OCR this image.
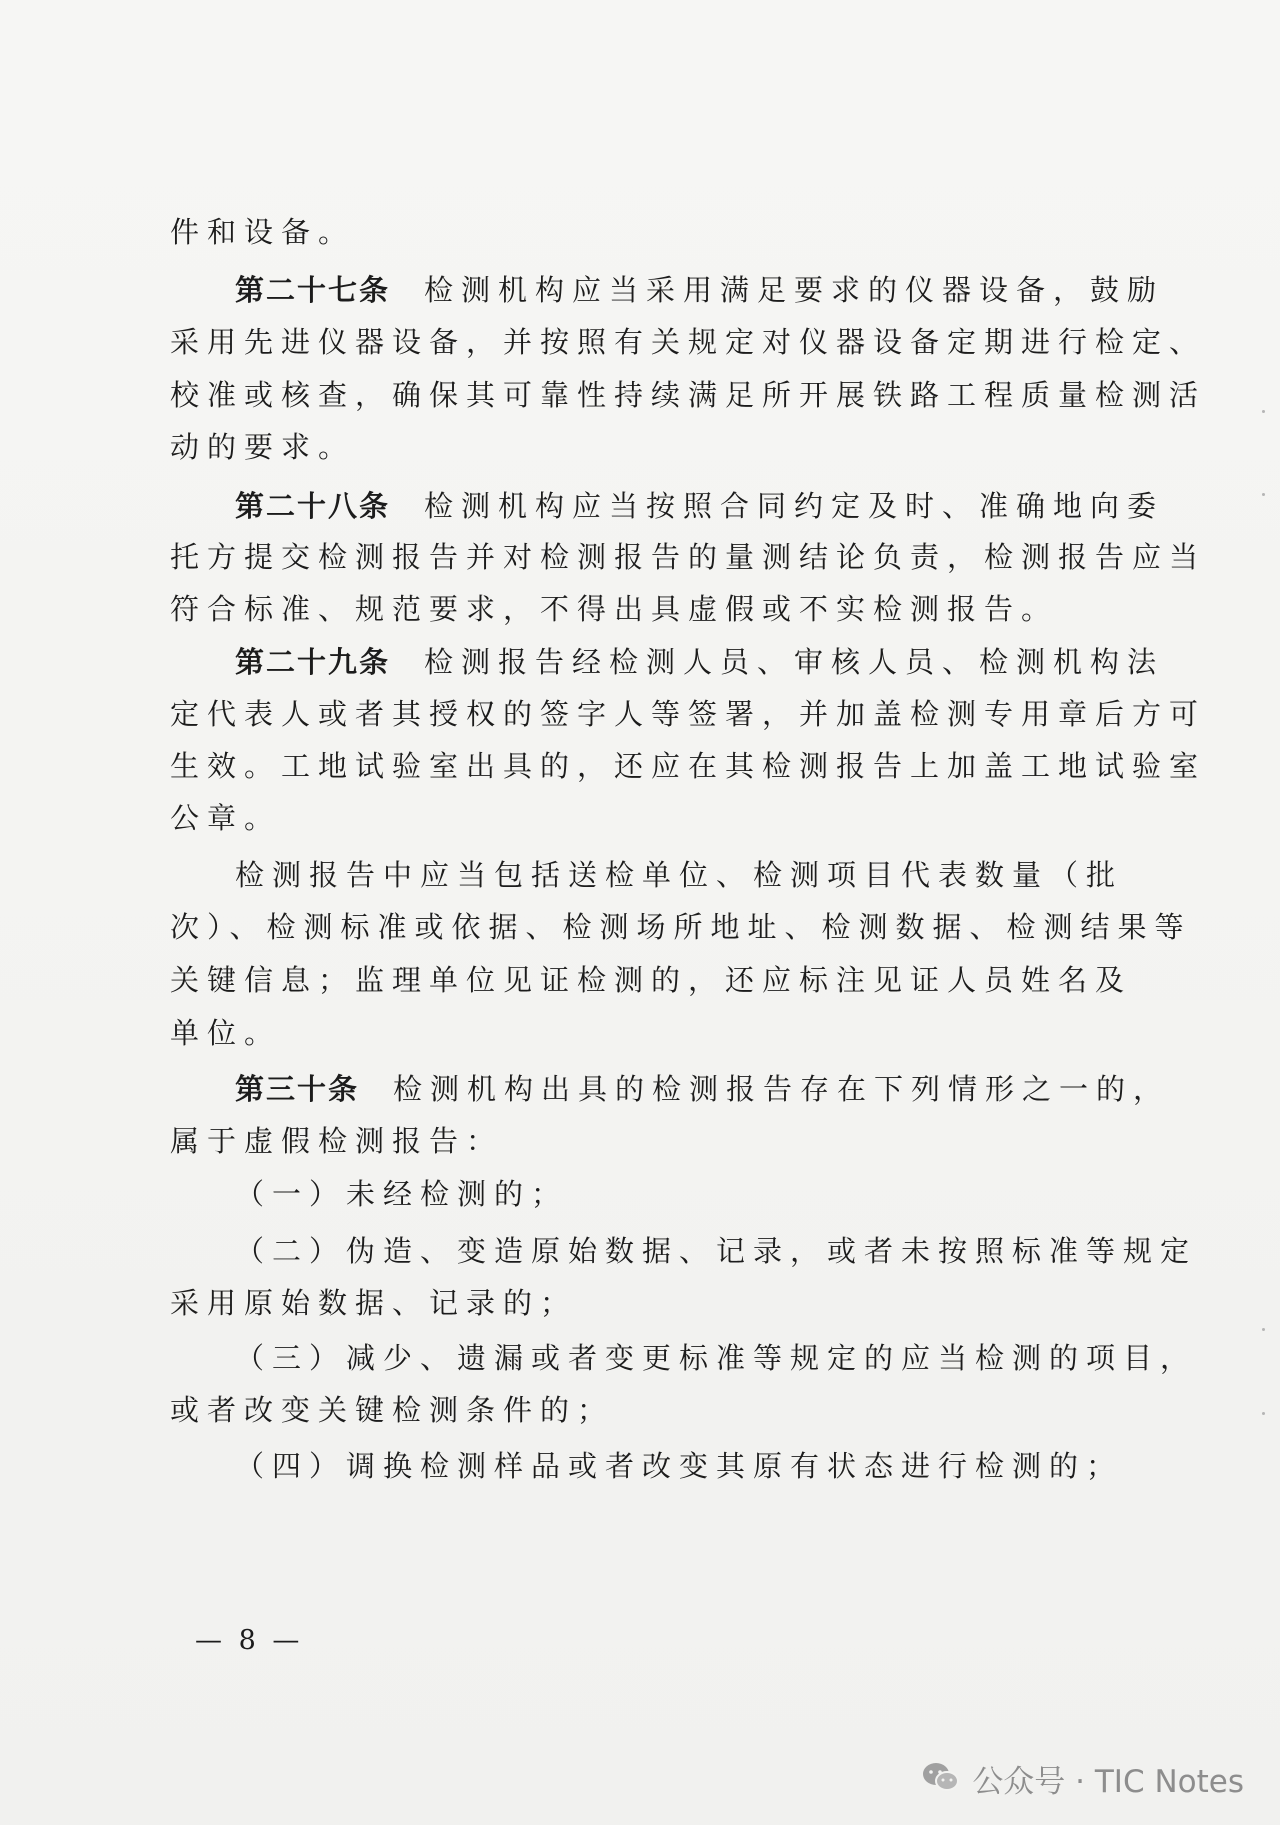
件和设备。
第二十七条 检测机构应当采用满足要求的仪器设备，鼓励
采用先进仪器设备，并按照有关规定对仪器设备定期进行检定、
校准或核查，确保其可靠性持续满足所开展铁路工程质量检测活
动的要求。
第二十八条 检测机构应当按照合同约定及时、准确地向委
托方提交检测报告并对检测报告的量测结论负责，检测报告应当
符合标准、规范要求，不得出具虚假或不实检测报告。
第二十九条 检测报告经检测人员、审核人员、检测机构法
定代表人或者其授权的签字人等签署，并加盖检测专用章后方可
生效。工地试验室出具的，还应在其检测报告上加盖工地试验室
公章。
检测报告中应当包括送检单位、检测项目代表数量（批
次）、检测标准或依据、检测场所地址、检测数据、检测结果等
关键信息；监理单位见证检测的，还应标注见证人员姓名及
单位。
第三十条 检测机构出具的检测报告存在下列情形之一的，
属于虚假检测报告：
（一）未经检测的；
（二）伪造、变造原始数据、记录，或者未按照标准等规定
采用原始数据、记录的；
（三）减少、遗漏或者变更标准等规定的应当检测的项目，
或者改变关键检测条件的；
（四）调换检测样品或者改变其原有状态进行检测的；
— 8 —
公众号 · TIC Notes
